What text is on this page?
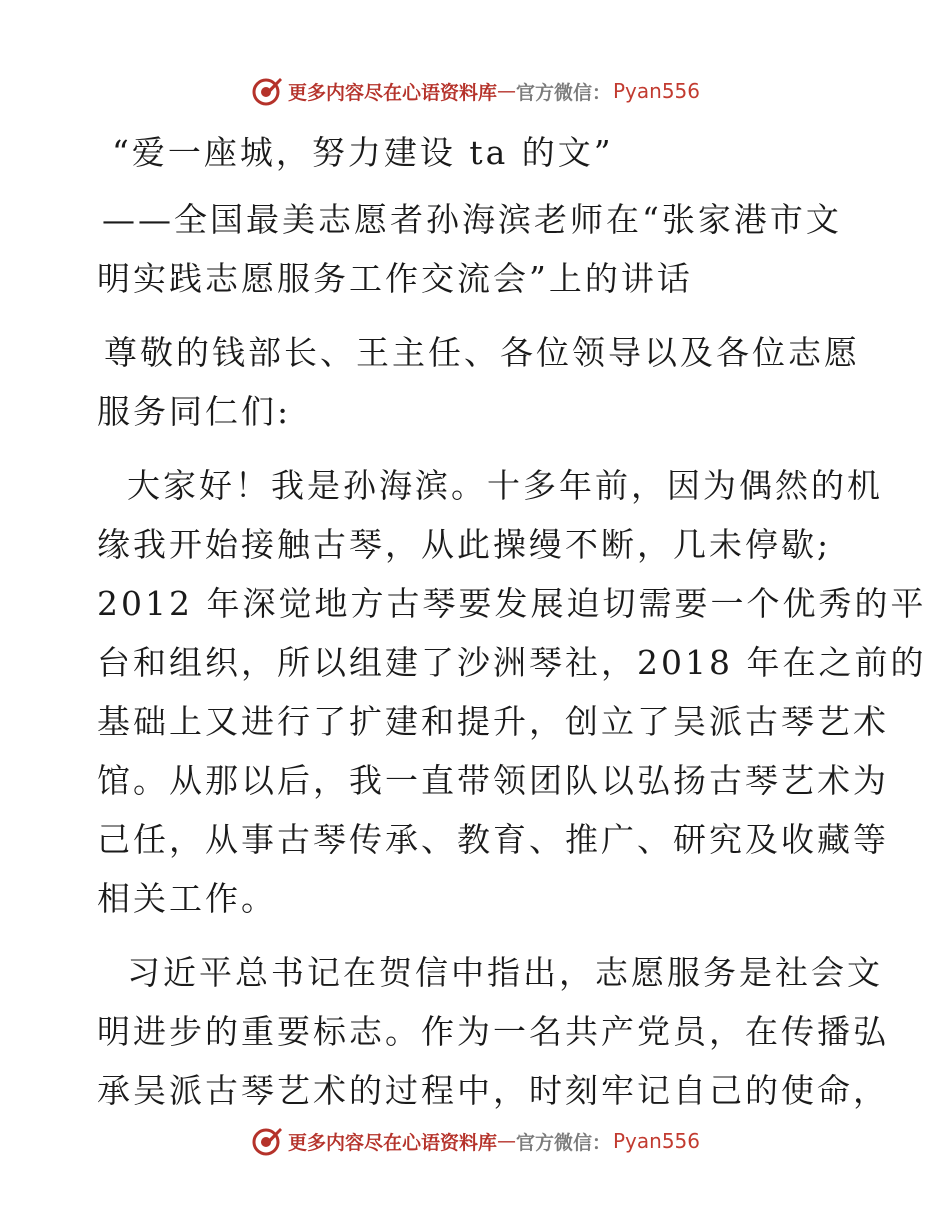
更多内容尽在心语资料库 — 官方微信： Pyan556
“爱一座城，努力建设 ta 的文”
——全国最美志愿者孙海滨老师在“张家港市文
明实践志愿服务工作交流会”上的讲话
尊敬的钱部长、王主任、各位领导以及各位志愿
服务同仁们:
大家好！我是孙海滨。十多年前，因为偶然的机
缘我开始接触古琴，从此操缦不断，几未停歇;
2012 年深觉地方古琴要发展迫切需要一个优秀的平
台和组织，所以组建了沙洲琴社，2018 年在之前的
基础上又进行了扩建和提升，创立了吴派古琴艺术
馆。从那以后，我一直带领团队以弘扬古琴艺术为
己任，从事古琴传承、教育、推广、研究及收藏等
相关工作。
习近平总书记在贺信中指出，志愿服务是社会文
明进步的重要标志。作为一名共产党员，在传播弘
承吴派古琴艺术的过程中，时刻牢记自己的使命，
更多内容尽在心语资料库 — 官方微信： Pyan556
